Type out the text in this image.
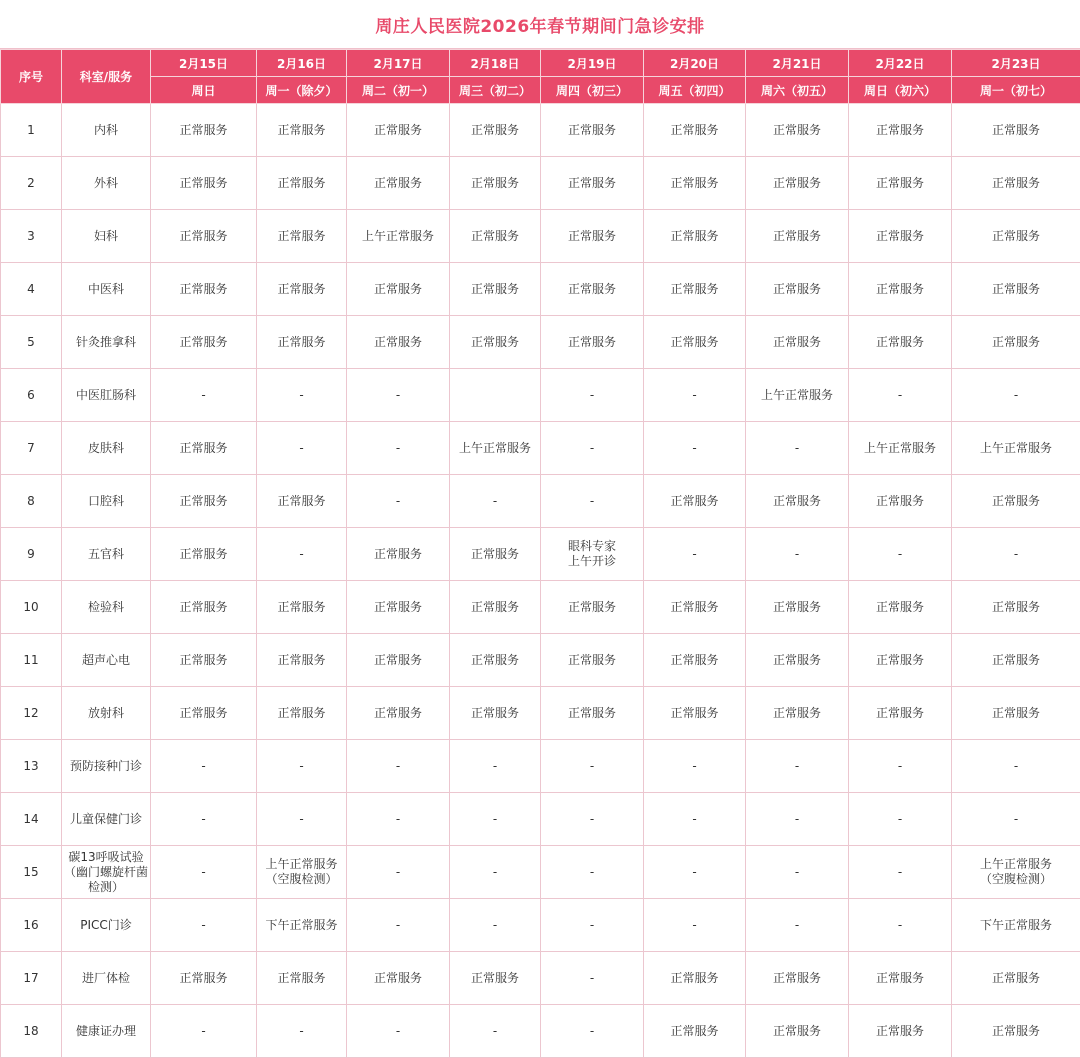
周庄人民医院2026年春节期间门急诊安排
序号	科室/服务	2月15日	2月16日	2月17日	2月18日	2月19日	2月20日	2月21日	2月22日	2月23日
		周日	周一（除夕）	周二（初一）	周三（初二）	周四（初三）	周五（初四）	周六（初五）	周日（初六）	周一（初七）
1	内科	正常服务	正常服务	正常服务	正常服务	正常服务	正常服务	正常服务	正常服务	正常服务

2	外科	正常服务	正常服务	正常服务	正常服务	正常服务	正常服务	正常服务	正常服务	正常服务

3	妇科	正常服务	正常服务	上午正常服务	正常服务	正常服务	正常服务	正常服务	正常服务	正常服务

4	中医科	正常服务	正常服务	正常服务	正常服务	正常服务	正常服务	正常服务	正常服务	正常服务

5	针灸推拿科	正常服务	正常服务	正常服务	正常服务	正常服务	正常服务	正常服务	正常服务	正常服务

6	中医肛肠科	-	-	-		-	-	上午正常服务	-	-

7	皮肤科	正常服务	-	-	上午正常服务	-	-	-	上午正常服务	上午正常服务

8	口腔科	正常服务	正常服务	-	-	-	正常服务	正常服务	正常服务	正常服务

9	五官科	正常服务	-	正常服务	正常服务	眼科专家
上午开诊	-	-	-	-

10	检验科	正常服务	正常服务	正常服务	正常服务	正常服务	正常服务	正常服务	正常服务	正常服务

11	超声心电	正常服务	正常服务	正常服务	正常服务	正常服务	正常服务	正常服务	正常服务	正常服务

12	放射科	正常服务	正常服务	正常服务	正常服务	正常服务	正常服务	正常服务	正常服务	正常服务

13	预防接种门诊	-	-	-	-	-	-	-	-	-

14	儿童保健门诊	-	-	-	-	-	-	-	-	-

15	碳13呼吸试验
（幽门螺旋杆菌
检测）	-	上午正常服务
（空腹检测）	-	-	-	-	-	-	上午正常服务
（空腹检测）

16	PICC门诊	-	下午正常服务	-	-	-	-	-	-	下午正常服务

17	进厂体检	正常服务	正常服务	正常服务	正常服务	-	正常服务	正常服务	正常服务	正常服务

18	健康证办理	-	-	-	-	-	正常服务	正常服务	正常服务	正常服务
